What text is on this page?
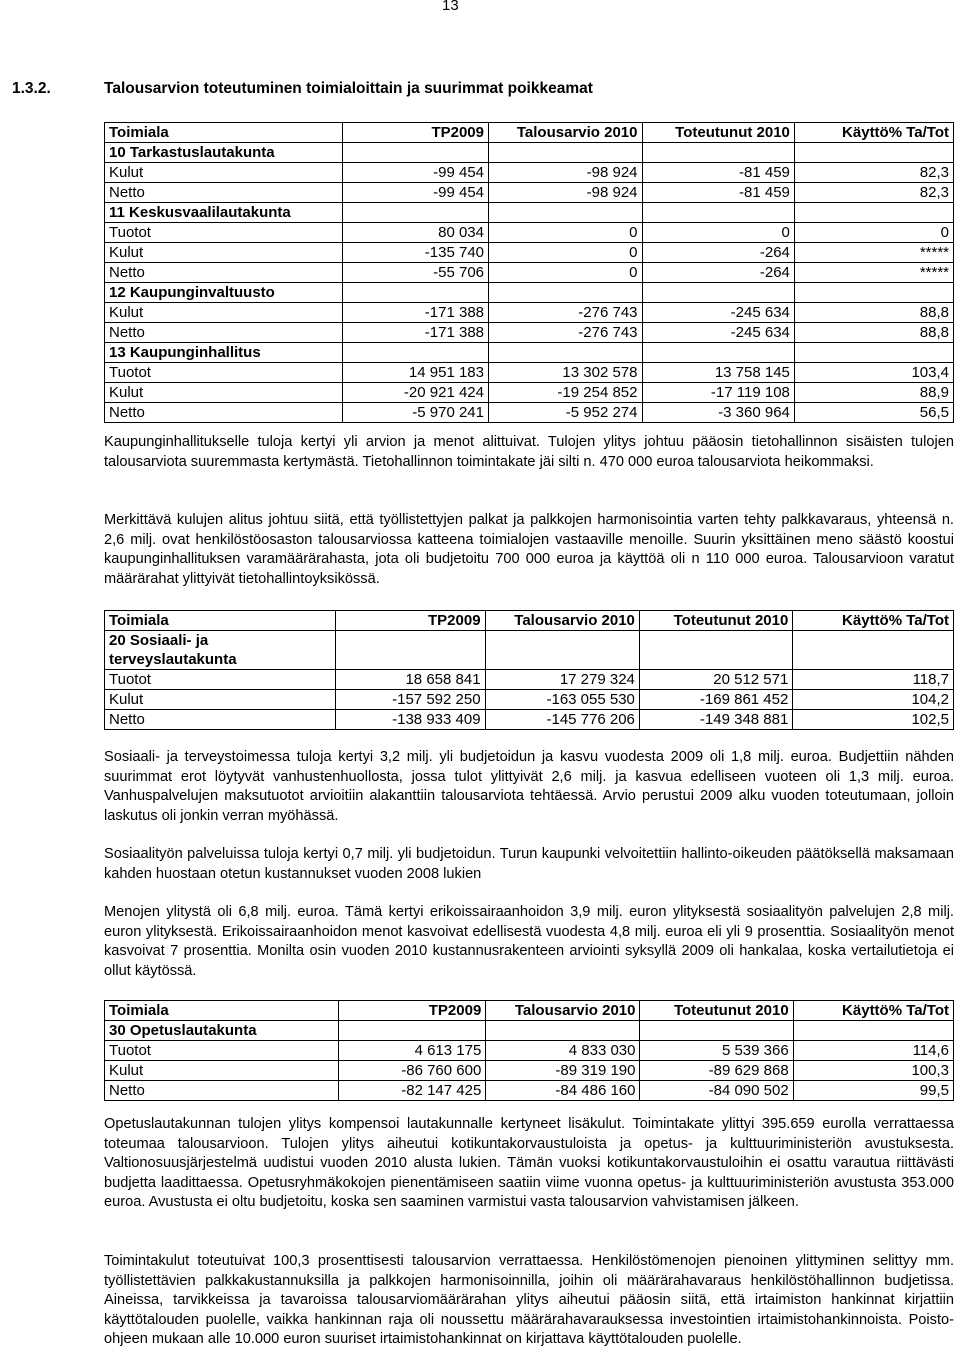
13
1.3.2.	Talousarvion toteutuminen toimialoittain ja suurimmat poikkeamat
Toimiala	TP2009	Talousarvio 2010	Toteutunut 2010	Käyttö% Ta/Tot
10 Tarkastuslautakunta				
Kulut	-99 454	-98 924	-81 459	82,3
Netto	-99 454	-98 924	-81 459	82,3
11 Keskusvaalilautakunta				
Tuotot	80 034	0	0	0
Kulut	-135 740	0	-264	*****
Netto	-55 706	0	-264	*****
12 Kaupunginvaltuusto				
Kulut	-171 388	-276 743	-245 634	88,8
Netto	-171 388	-276 743	-245 634	88,8
13 Kaupunginhallitus				
Tuotot	14 951 183	13 302 578	13 758 145	103,4
Kulut	-20 921 424	-19 254 852	-17 119 108	88,9
Netto	-5 970 241	-5 952 274	-3 360 964	56,5

Kaupunginhallitukselle tuloja kertyi yli arvion ja menot alittuivat. Tulojen ylitys johtuu pääosin tietohallinnon sisäisten tulojen talousarviota suuremmasta kertymästä. Tietohallinnon toimintakate jäi silti n. 470 000 euroa talousarviota heikommaksi.

Merkittävä kulujen alitus johtuu siitä, että työllistettyjen palkat ja palkkojen harmonisointia varten tehty palkkavaraus, yhteensä n. 2,6 milj. ovat henkilöstöosaston talousarviossa katteena toimialojen vastaaville menoille. Suurin yksittäinen meno säästö koostui kaupunginhallituksen varamäärärahasta, jota oli budjetoitu 700 000 euroa ja käyttöä oli n 110 000 euroa. Talousarvioon varatut määrärahat ylittyivät tietohallintoyksikössä.

Toimiala	TP2009	Talousarvio 2010	Toteutunut 2010	Käyttö% Ta/Tot
20 Sosiaali- ja terveyslautakunta				
Tuotot	18 658 841	17 279 324	20 512 571	118,7
Kulut	-157 592 250	-163 055 530	-169 861 452	104,2
Netto	-138 933 409	-145 776 206	-149 348 881	102,5

Sosiaali- ja terveystoimessa tuloja kertyi 3,2 milj. yli budjetoidun ja kasvu vuodesta 2009 oli 1,8 milj. euroa. Budjettiin nähden suurimmat erot löytyvät vanhustenhuollosta, jossa tulot ylittyivät 2,6 milj. ja kasvua edelliseen vuoteen oli 1,3 milj. euroa. Vanhuspalvelujen maksutuotot arvioitiin alakanttiin talousarviota tehtäessä. Arvio perustui 2009 alku vuoden toteutumaan, jolloin laskutus oli jonkin verran myöhässä.

Sosiaalityön palveluissa tuloja kertyi 0,7 milj. yli budjetoidun. Turun kaupunki velvoitettiin hallinto-oikeuden päätöksellä maksamaan kahden huostaan otetun kustannukset vuoden 2008 lukien

Menojen ylitystä oli 6,8 milj. euroa. Tämä kertyi erikoissairaanhoidon 3,9 milj. euron ylityksestä sosiaalityön palvelujen 2,8 milj. euron ylityksestä. Erikoissairaanhoidon menot kasvoivat edellisestä vuodesta 4,8 milj. euroa eli yli 9 prosenttia. Sosiaalityön menot kasvoivat 7 prosenttia. Monilta osin vuoden 2010 kustannusrakenteen arviointi syksyllä 2009 oli hankalaa, koska vertailutietoja ei ollut käytössä.

Toimiala	TP2009	Talousarvio 2010	Toteutunut 2010	Käyttö% Ta/Tot
30 Opetuslautakunta				
Tuotot	4 613 175	4 833 030	5 539 366	114,6
Kulut	-86 760 600	-89 319 190	-89 629 868	100,3
Netto	-82 147 425	-84 486 160	-84 090 502	99,5

Opetuslautakunnan tulojen ylitys kompensoi lautakunnalle kertyneet lisäkulut. Toimintakate ylittyi 395.659 eurolla verrattaessa toteumaa talousarvioon. Tulojen ylitys aiheutui kotikuntakorvaustuloista ja opetus- ja kulttuuriministeriön avustuksesta. Valtionosuusjärjestelmä uudistui vuoden 2010 alusta lukien. Tämän vuoksi kotikuntakorvaustuloihin ei osattu varautua riittävästi budjetta laadittaessa. Opetusryhmäkokojen pienentämiseen saatiin viime vuonna opetus- ja kulttuuriministeriön avustusta 353.000 euroa. Avustusta ei oltu budjetoitu, koska sen saaminen varmistui vasta talousarvion vahvistamisen jälkeen.

Toimintakulut toteutuivat 100,3 prosenttisesti talousarvion verrattaessa. Henkilöstömenojen pienoinen ylittyminen selittyy mm. työllistettävien palkkakustannuksilla ja palkkojen harmonisoinnilla, joihin oli määrärahavaraus henkilöstöhallinnon budjetissa. Aineissa, tarvikkeissa ja tavaroissa talousarviomäärärahan ylitys aiheutui pääosin siitä, että irtaimiston hankinnat kirjattiin käyttötalouden puolelle, vaikka hankinnan raja oli noussettu määrärahavarauksessa investointien irtaimistohankinnoista. Poisto-ohjeen mukaan alle 10.000 euron suuriset irtaimistohankinnat on kirjattava käyttötalouden puolelle.
